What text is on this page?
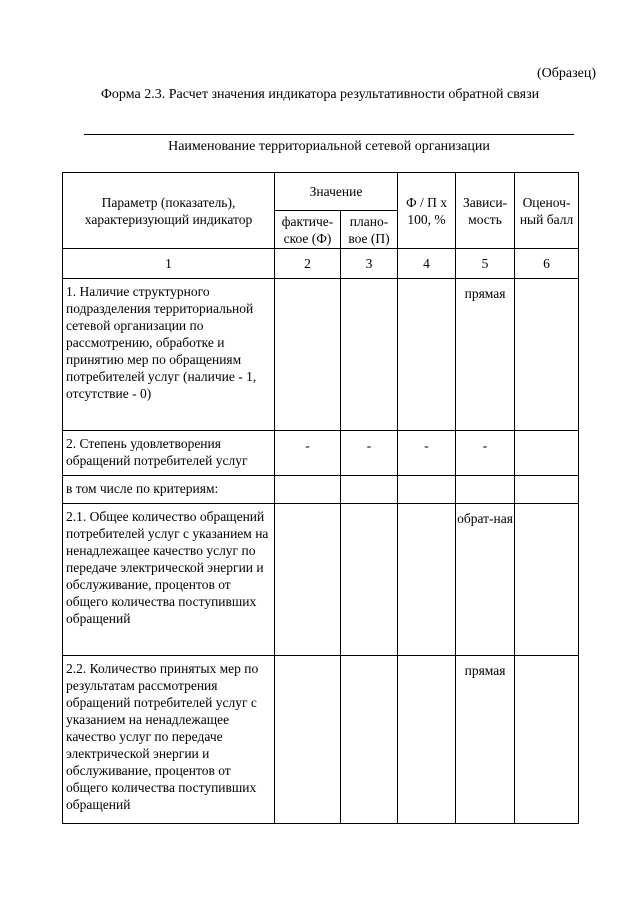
(Образец)
Форма 2.3. Расчет значения индикатора результативности обратной связи
Наименование территориальной сетевой организации
Параметр (показатель), характеризующий индикатор	Значение		Ф / П х 100, %	Зависи-мость	Оценоч-ный балл
	фактиче-ское (Ф)	плано-вое (П)			
1	2	3	4	5	6
1. Наличие структурного подразделения территориальной сетевой организации по рассмотрению, обработке и принятию мер по обращениям потребителей услуг (наличие - 1, отсутствие - 0)				прямая	
2. Степень удовлетворения обращений потребителей услуг	-	-	-	-	
в том числе по критериям:					
2.1. Общее количество обращений потребителей услуг с указанием на ненадлежащее качество услуг по передаче электрической энергии и обслуживание, процентов от общего количества поступивших обращений				обрат-ная	
2.2. Количество принятых мер по результатам рассмотрения обращений потребителей услуг с указанием на ненадлежащее качество услуг по передаче электрической энергии и обслуживание, процентов от общего количества поступивших обращений				прямая	
